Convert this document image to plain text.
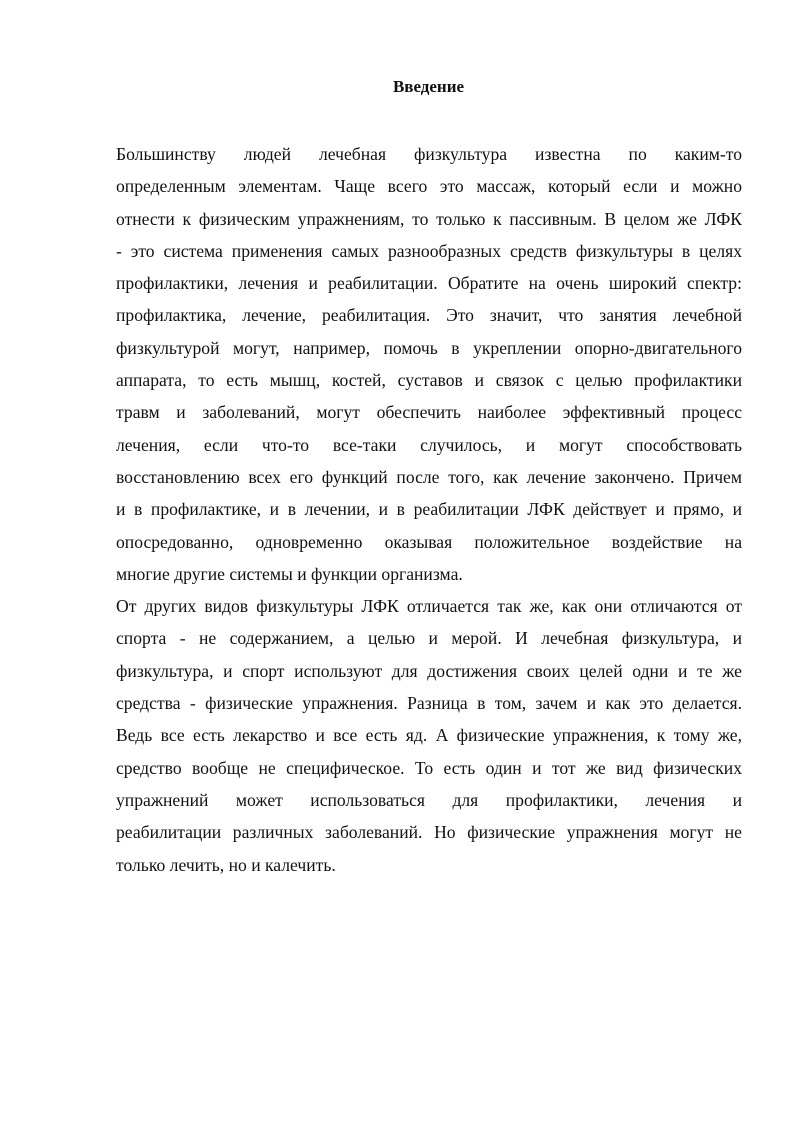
Введение
Большинству людей лечебная физкультура известна по каким-то
определенным элементам. Чаще всего это массаж, который если и можно
отнести к физическим упражнениям, то только к пассивным. В целом же ЛФК
- это система применения самых разнообразных средств физкультуры в целях
профилактики, лечения и реабилитации. Обратите на очень широкий спектр:
профилактика, лечение, реабилитация. Это значит, что занятия лечебной
физкультурой могут, например, помочь в укреплении опорно-двигательного
аппарата, то есть мышц, костей, суставов и связок с целью профилактики
травм и заболеваний, могут обеспечить наиболее эффективный процесс
лечения, если что-то все-таки случилось, и могут способствовать
восстановлению всех его функций после того, как лечение закончено. Причем
и в профилактике, и в лечении, и в реабилитации ЛФК действует и прямо, и
опосредованно, одновременно оказывая положительное воздействие на
многие другие системы и функции организма.
От других видов физкультуры ЛФК отличается так же, как они отличаются от
спорта - не содержанием, а целью и мерой. И лечебная физкультура, и
физкультура, и спорт используют для достижения своих целей одни и те же
средства - физические упражнения. Разница в том, зачем и как это делается.
Ведь все есть лекарство и все есть яд. А физические упражнения, к тому же,
средство вообще не специфическое. То есть один и тот же вид физических
упражнений может использоваться для профилактики, лечения и
реабилитации различных заболеваний. Но физические упражнения могут не
только лечить, но и калечить.
